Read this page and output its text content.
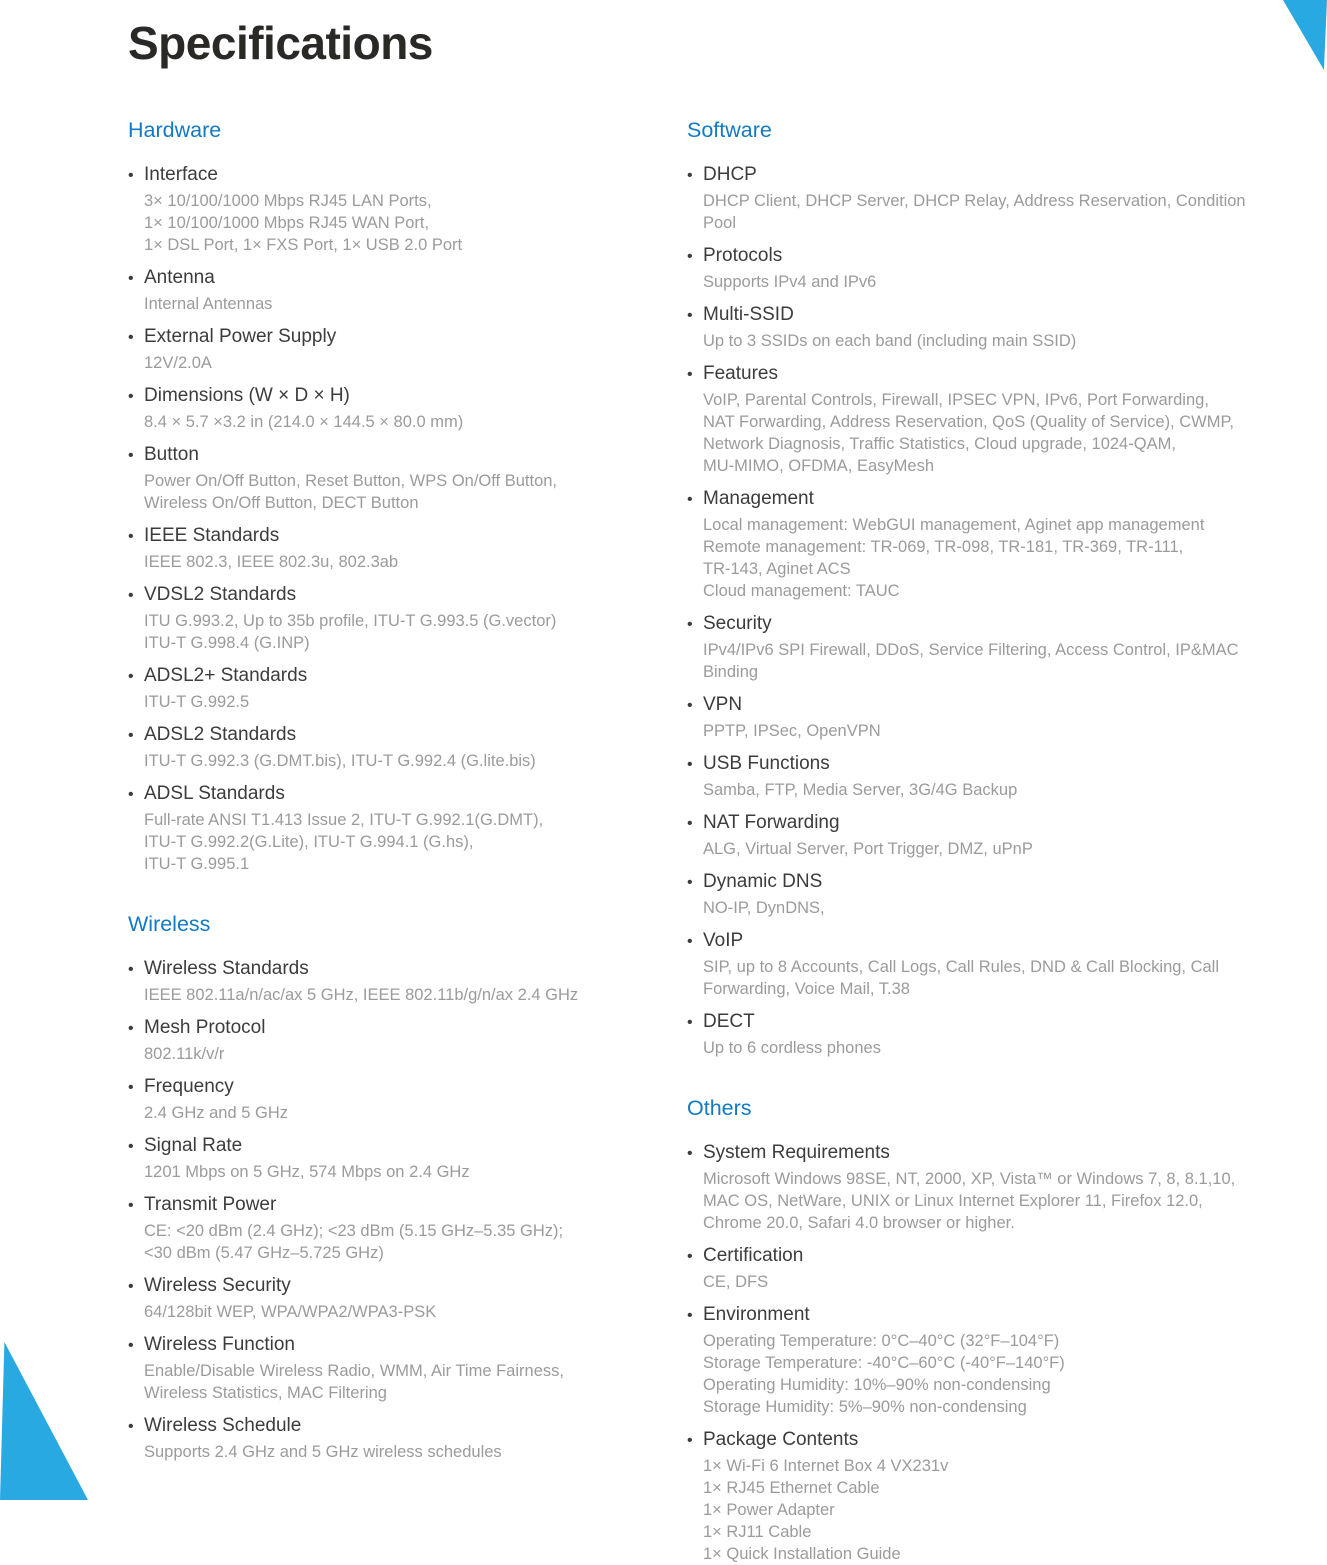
Specifications
Hardware
• Interface
3× 10/100/1000 Mbps RJ45 LAN Ports,
1× 10/100/1000 Mbps RJ45 WAN Port,
1× DSL Port, 1× FXS Port, 1× USB 2.0 Port
• Antenna
Internal Antennas
• External Power Supply
12V/2.0A
• Dimensions (W × D × H)
8.4 × 5.7 ×3.2 in (214.0 × 144.5 × 80.0 mm)
• Button
Power On/Off Button, Reset Button, WPS On/Off Button,
Wireless On/Off Button, DECT Button
• IEEE Standards
IEEE 802.3, IEEE 802.3u, 802.3ab
• VDSL2 Standards
ITU G.993.2, Up to 35b profile, ITU-T G.993.5 (G.vector)
ITU-T G.998.4 (G.INP)
• ADSL2+ Standards
ITU-T G.992.5
• ADSL2 Standards
ITU-T G.992.3 (G.DMT.bis), ITU-T G.992.4 (G.lite.bis)
• ADSL Standards
Full-rate ANSI T1.413 Issue 2, ITU-T G.992.1(G.DMT),
ITU-T G.992.2(G.Lite), ITU-T G.994.1 (G.hs),
ITU-T G.995.1
Wireless
• Wireless Standards
IEEE 802.11a/n/ac/ax 5 GHz, IEEE 802.11b/g/n/ax 2.4 GHz
• Mesh Protocol
802.11k/v/r
• Frequency
2.4 GHz and 5 GHz
• Signal Rate
1201 Mbps on 5 GHz, 574 Mbps on 2.4 GHz
• Transmit Power
CE: <20 dBm (2.4 GHz); <23 dBm (5.15 GHz–5.35 GHz);
<30 dBm (5.47 GHz–5.725 GHz)
• Wireless Security
64/128bit WEP, WPA/WPA2/WPA3-PSK
• Wireless Function
Enable/Disable Wireless Radio, WMM, Air Time Fairness,
Wireless Statistics, MAC Filtering
• Wireless Schedule
Supports 2.4 GHz and 5 GHz wireless schedules
Software
• DHCP
DHCP Client, DHCP Server, DHCP Relay, Address Reservation, Condition
Pool
• Protocols
Supports IPv4 and IPv6
• Multi-SSID
Up to 3 SSIDs on each band (including main SSID)
• Features
VoIP, Parental Controls, Firewall, IPSEC VPN, IPv6, Port Forwarding,
NAT Forwarding, Address Reservation, QoS (Quality of Service), CWMP,
Network Diagnosis, Traffic Statistics, Cloud upgrade, 1024-QAM,
MU-MIMO, OFDMA, EasyMesh
• Management
Local management: WebGUI management, Aginet app management
Remote management: TR-069, TR-098, TR-181, TR-369, TR-111,
TR-143, Aginet ACS
Cloud management: TAUC
• Security
IPv4/IPv6 SPI Firewall, DDoS, Service Filtering, Access Control, IP&MAC
Binding
• VPN
PPTP, IPSec, OpenVPN
• USB Functions
Samba, FTP, Media Server, 3G/4G Backup
• NAT Forwarding
ALG, Virtual Server, Port Trigger, DMZ, uPnP
• Dynamic DNS
NO-IP, DynDNS,
• VoIP
SIP, up to 8 Accounts, Call Logs, Call Rules, DND & Call Blocking, Call
Forwarding, Voice Mail, T.38
• DECT
Up to 6 cordless phones
Others
• System Requirements
Microsoft Windows 98SE, NT, 2000, XP, Vista™ or Windows 7, 8, 8.1,10,
MAC OS, NetWare, UNIX or Linux Internet Explorer 11, Firefox 12.0,
Chrome 20.0, Safari 4.0 browser or higher.
• Certification
CE, DFS
• Environment
Operating Temperature: 0°C–40°C (32°F–104°F)
Storage Temperature: -40°C–60°C (-40°F–140°F)
Operating Humidity: 10%–90% non-condensing
Storage Humidity: 5%–90% non-condensing
• Package Contents
1× Wi-Fi 6 Internet Box 4 VX231v
1× RJ45 Ethernet Cable
1× Power Adapter
1× RJ11 Cable
1× Quick Installation Guide
